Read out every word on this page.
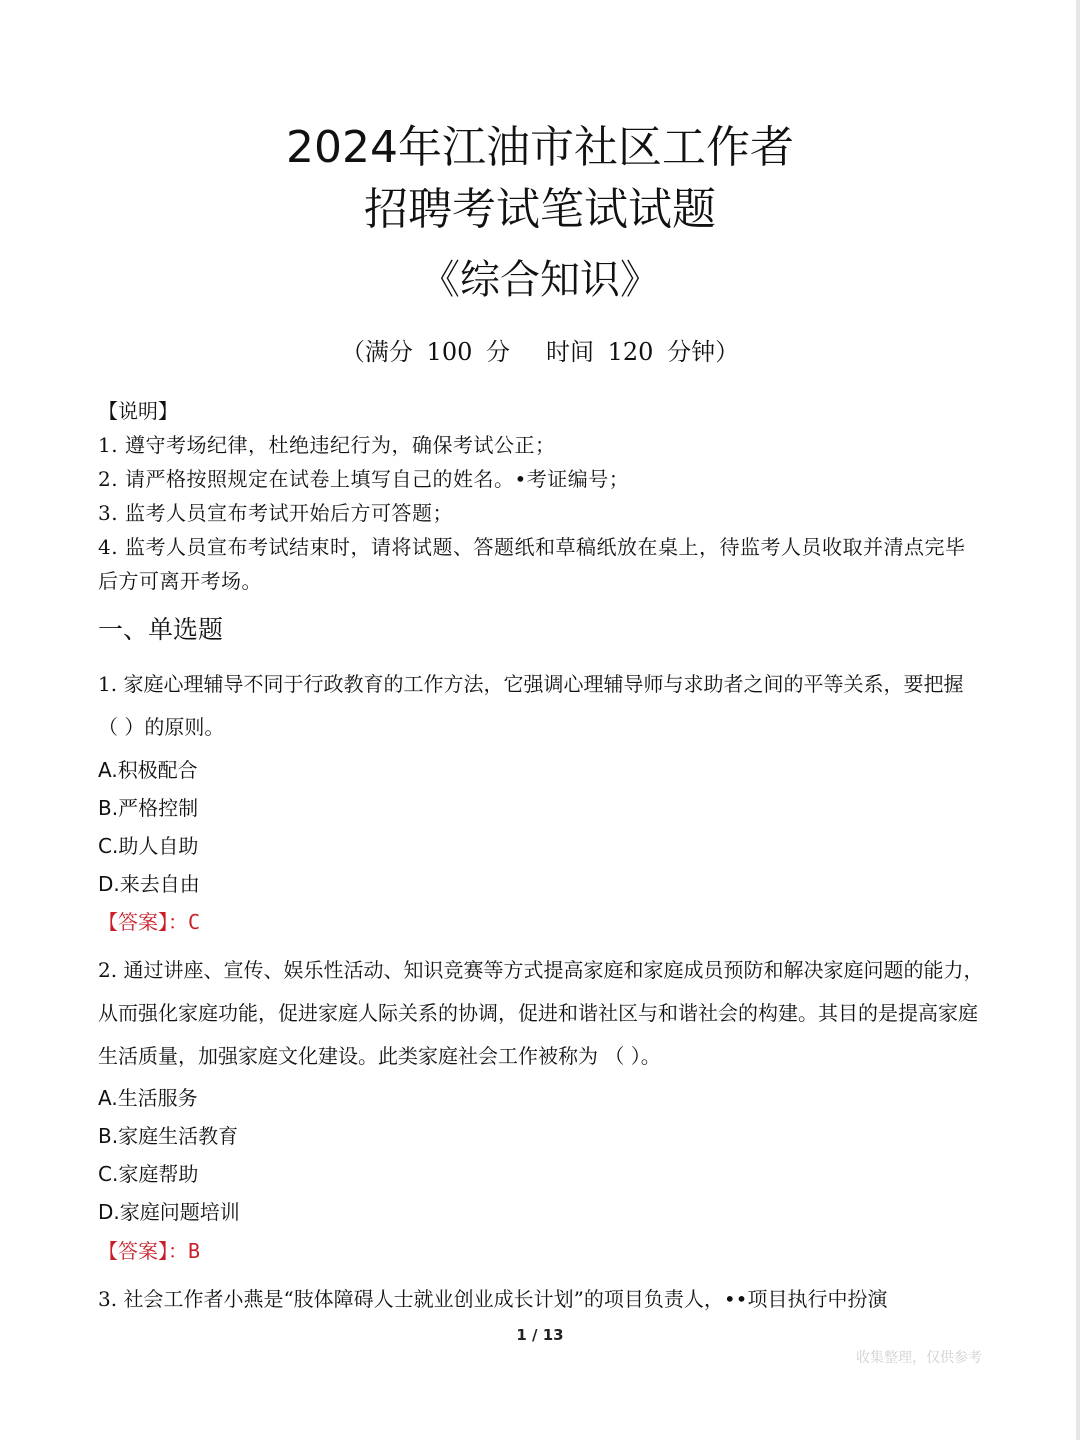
2024年江油市社区工作者
招聘考试笔试试题
《综合知识》
（满分 100 分 时间 120 分钟）
【说明】
1. 遵守考场纪律，杜绝违纪行为，确保考试公正；
2. 请严格按照规定在试卷上填写自己的姓名。•考证编号；
3. 监考人员宣布考试开始后方可答题；
4. 监考人员宣布考试结束时，请将试题、答题纸和草稿纸放在桌上，待监考人员收取并清点完毕后方可离开考场。
一、单选题
1. 家庭心理辅导不同于行政教育的工作方法，它强调心理辅导师与求助者之间的平等关系，要把握 （ ）的原则。
A.积极配合
B.严格控制
C.助人自助
D.来去自由
【答案】：C
2. 通过讲座、宣传、娱乐性活动、知识竞赛等方式提高家庭和家庭成员预防和解决家庭问题的能力，从而强化家庭功能，促进家庭人际关系的协调，促进和谐社区与和谐社会的构建。其目的是提高家庭生活质量，加强家庭文化建设。此类家庭社会工作被称为 （ ）。
A.生活服务
B.家庭生活教育
C.家庭帮助
D.家庭问题培训
【答案】：B
3. 社会工作者小燕是“肢体障碍人士就业创业成长计划”的项目负责人，••项目执行中扮演
1 / 13
收集整理，仅供参考
